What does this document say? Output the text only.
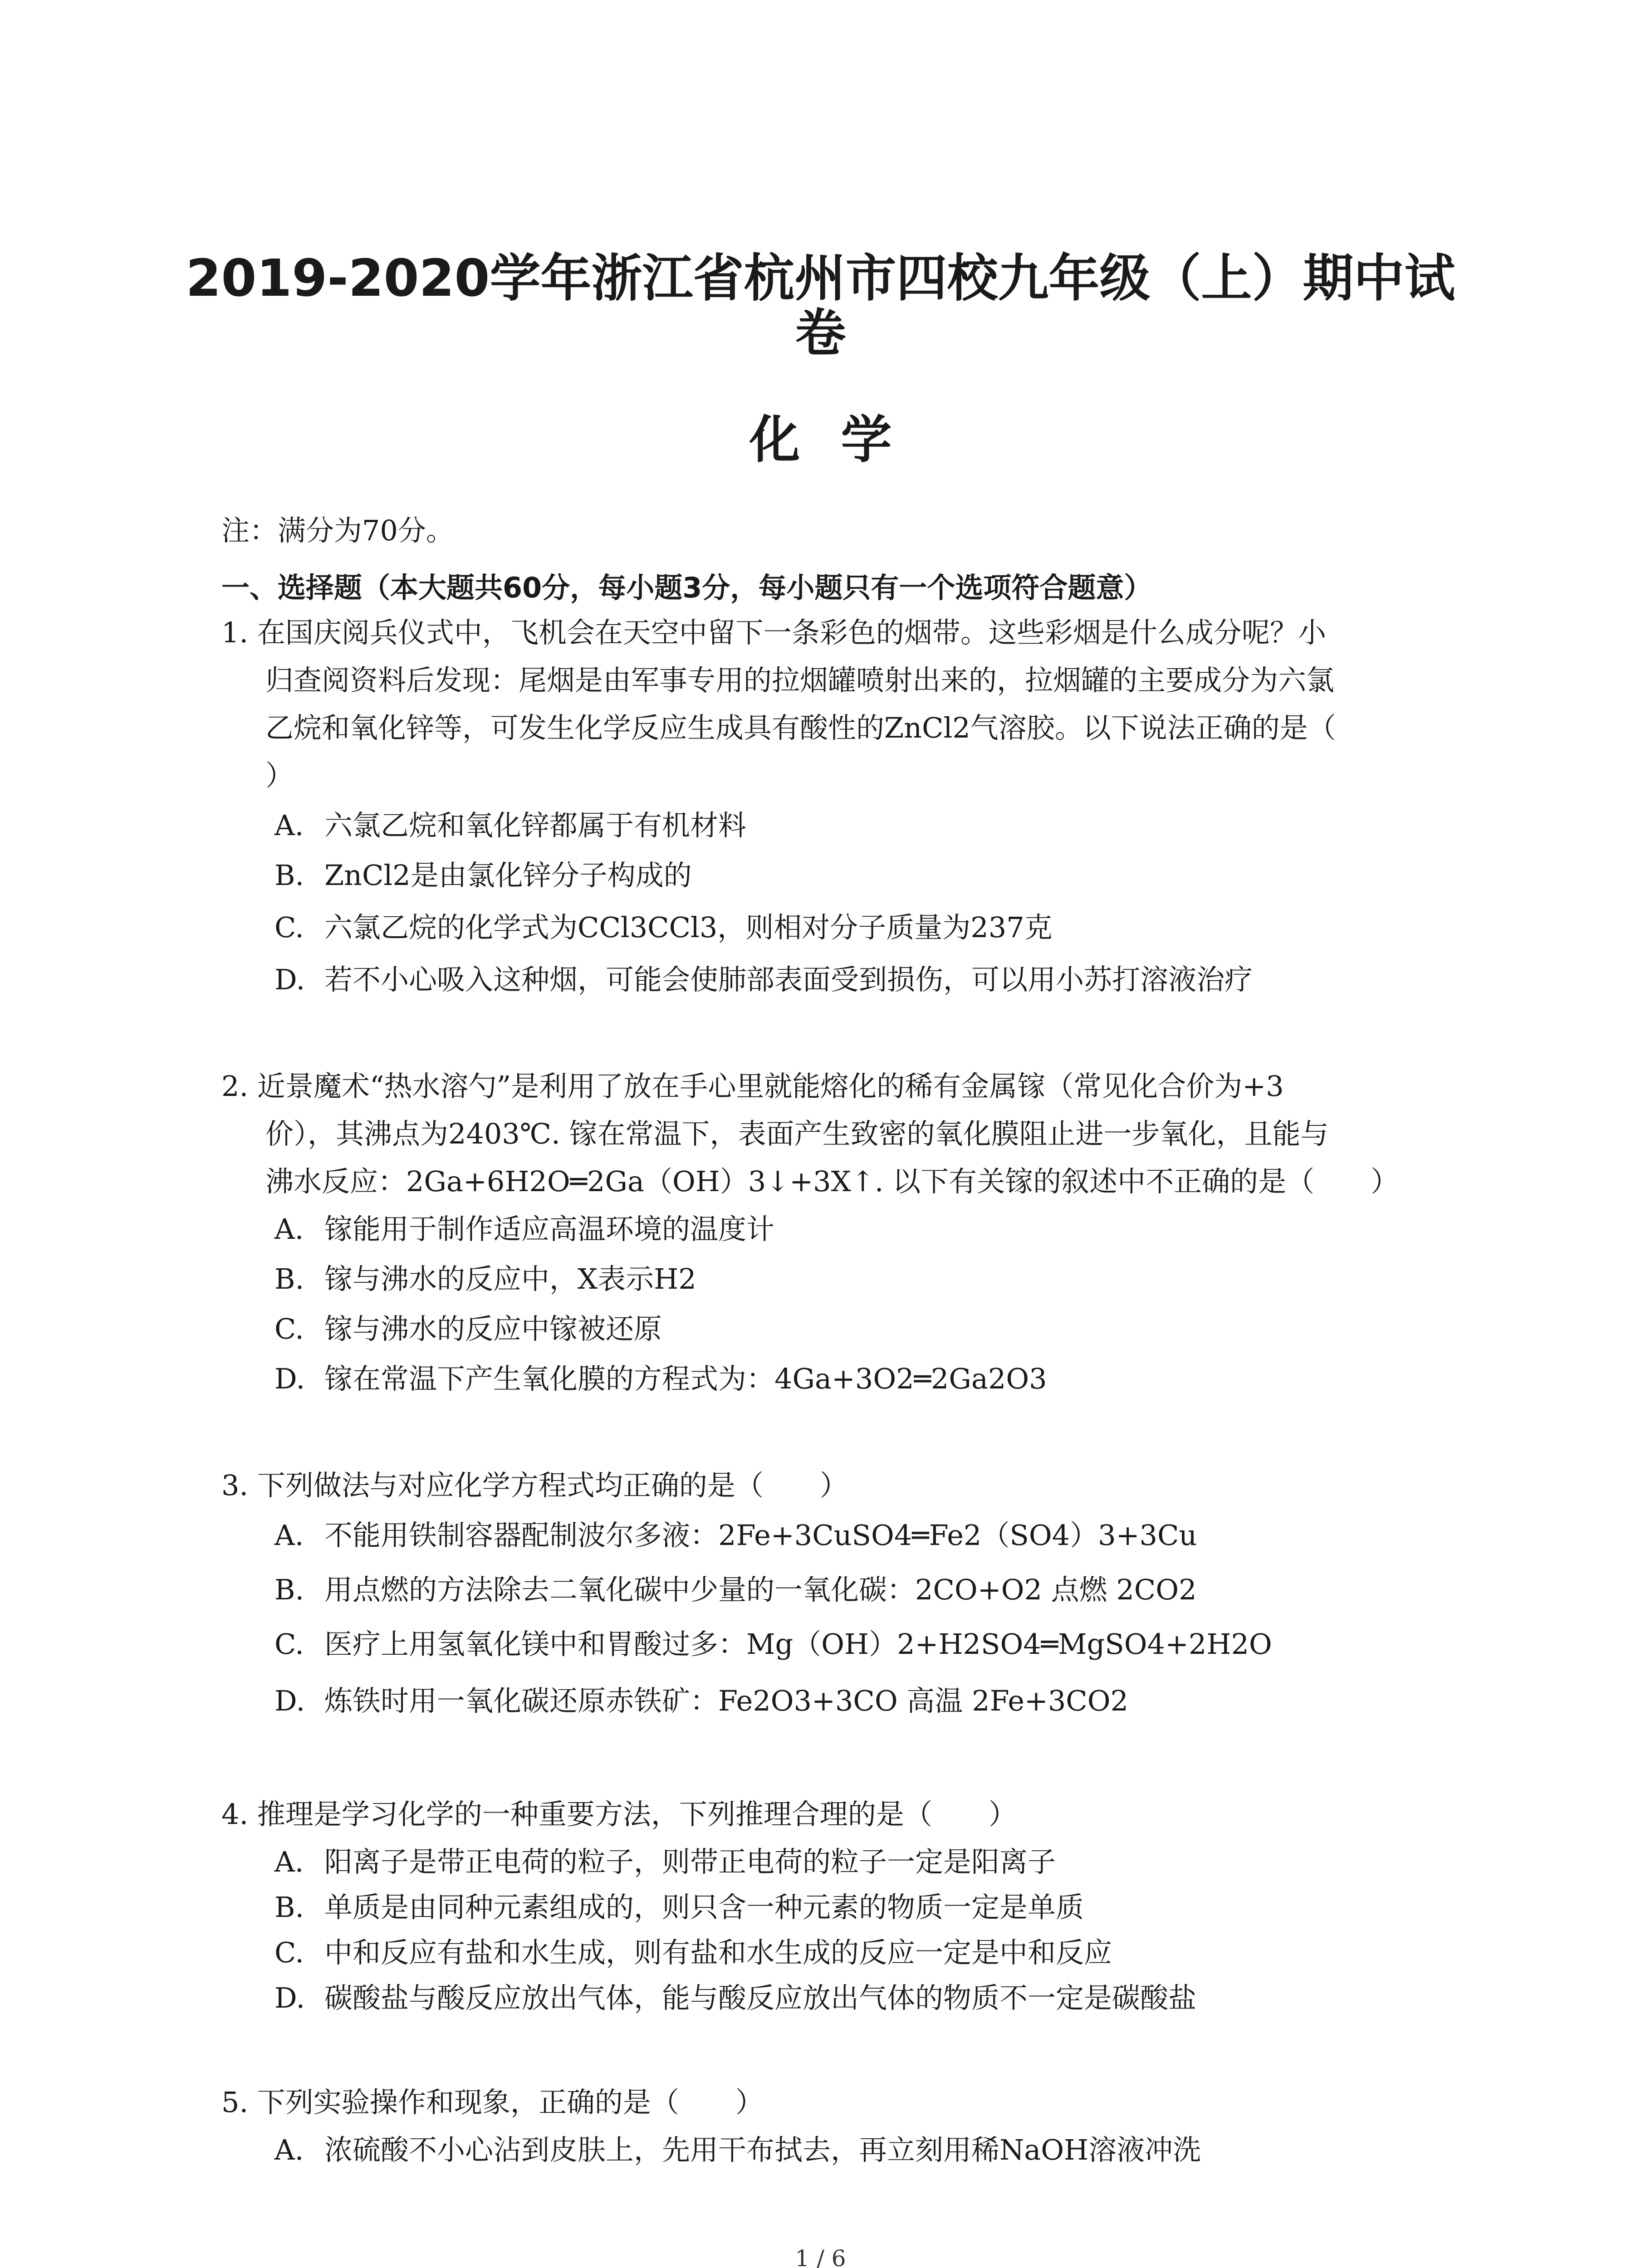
2019-2020学年浙江省杭州市四校九年级（上）期中试
卷
化学
注：满分为70分。
一、选择题（本大题共60分，每小题3分，每小题只有一个选项符合题意）
1. 在国庆阅兵仪式中，飞机会在天空中留下一条彩色的烟带。这些彩烟是什么成分呢？小
归查阅资料后发现：尾烟是由军事专用的拉烟罐喷射出来的，拉烟罐的主要成分为六氯
乙烷和氧化锌等，可发生化学反应生成具有酸性的ZnCl2气溶胶。以下说法正确的是（
）
A. 六氯乙烷和氧化锌都属于有机材料
B. ZnCl2是由氯化锌分子构成的
C. 六氯乙烷的化学式为CCl3CCl3，则相对分子质量为237克
D. 若不小心吸入这种烟，可能会使肺部表面受到损伤，可以用小苏打溶液治疗
2. 近景魔术“热水溶勺”是利用了放在手心里就能熔化的稀有金属镓（常见化合价为+3
价），其沸点为2403℃. 镓在常温下，表面产生致密的氧化膜阻止进一步氧化，且能与
沸水反应：2Ga+6H2O═2Ga（OH）3↓+3X↑. 以下有关镓的叙述中不正确的是（　　）
A. 镓能用于制作适应高温环境的温度计
B. 镓与沸水的反应中，X表示H2
C. 镓与沸水的反应中镓被还原
D. 镓在常温下产生氧化膜的方程式为：4Ga+3O2═2Ga2O3
3. 下列做法与对应化学方程式均正确的是（　　）
A. 不能用铁制容器配制波尔多液：2Fe+3CuSO4═Fe2（SO4）3+3Cu
B. 用点燃的方法除去二氧化碳中少量的一氧化碳：2CO+O2 点燃 2CO2
C. 医疗上用氢氧化镁中和胃酸过多：Mg（OH）2+H2SO4═MgSO4+2H2O
D. 炼铁时用一氧化碳还原赤铁矿：Fe2O3+3CO 高温 2Fe+3CO2
4. 推理是学习化学的一种重要方法，下列推理合理的是（　　）
A. 阳离子是带正电荷的粒子，则带正电荷的粒子一定是阳离子
B. 单质是由同种元素组成的，则只含一种元素的物质一定是单质
C. 中和反应有盐和水生成，则有盐和水生成的反应一定是中和反应
D. 碳酸盐与酸反应放出气体，能与酸反应放出气体的物质不一定是碳酸盐
5. 下列实验操作和现象，正确的是（　　）
A. 浓硫酸不小心沾到皮肤上，先用干布拭去，再立刻用稀NaOH溶液冲洗
1 / 6
